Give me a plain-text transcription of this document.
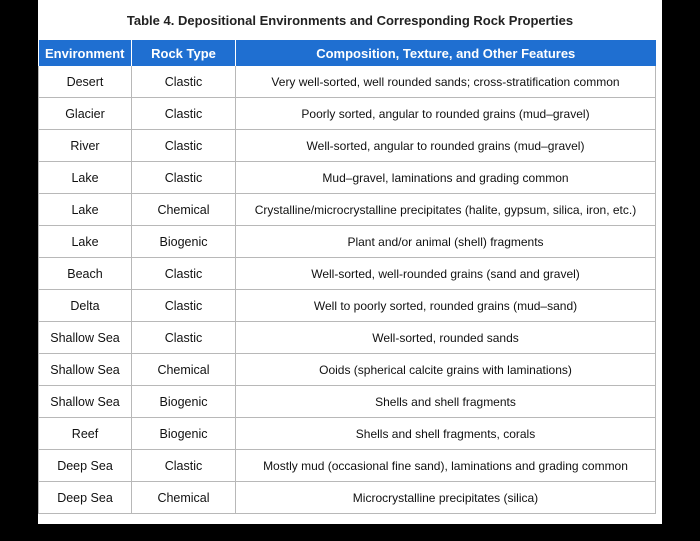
Table 4. Depositional Environments and Corresponding Rock Properties
Environment	Rock Type	Composition, Texture, and Other Features
Desert	Clastic	Very well-sorted, well rounded sands; cross-stratification common
Glacier	Clastic	Poorly sorted, angular to rounded grains (mud–gravel)
River	Clastic	Well-sorted, angular to rounded grains (mud–gravel)
Lake	Clastic	Mud–gravel, laminations and grading common
Lake	Chemical	Crystalline/microcrystalline precipitates (halite, gypsum, silica, iron, etc.)
Lake	Biogenic	Plant and/or animal (shell) fragments
Beach	Clastic	Well-sorted, well-rounded grains (sand and gravel)
Delta	Clastic	Well to poorly sorted, rounded grains (mud–sand)
Shallow Sea	Clastic	Well-sorted, rounded sands
Shallow Sea	Chemical	Ooids (spherical calcite grains with laminations)
Shallow Sea	Biogenic	Shells and shell fragments
Reef	Biogenic	Shells and shell fragments, corals
Deep Sea	Clastic	Mostly mud (occasional fine sand), laminations and grading common
Deep Sea	Chemical	Microcrystalline precipitates (silica)
